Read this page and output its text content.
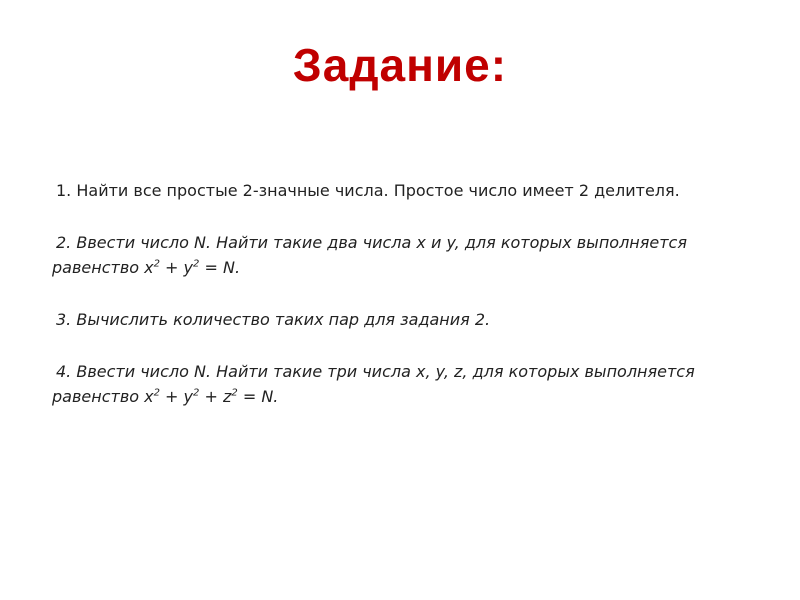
Задание:

1. Найти все простые 2-значные числа. Простое число имеет 2 делителя.

2. Ввести число N. Найти такие два числа x и y, для которых выполняется равенство $x^2 + y^2 = N$.

3. Вычислить количество таких пар для задания 2.

4. Ввести число N. Найти такие три числа x, y, z, для которых выполняется равенство $x^2 + y^2 + z^2 = N$.
